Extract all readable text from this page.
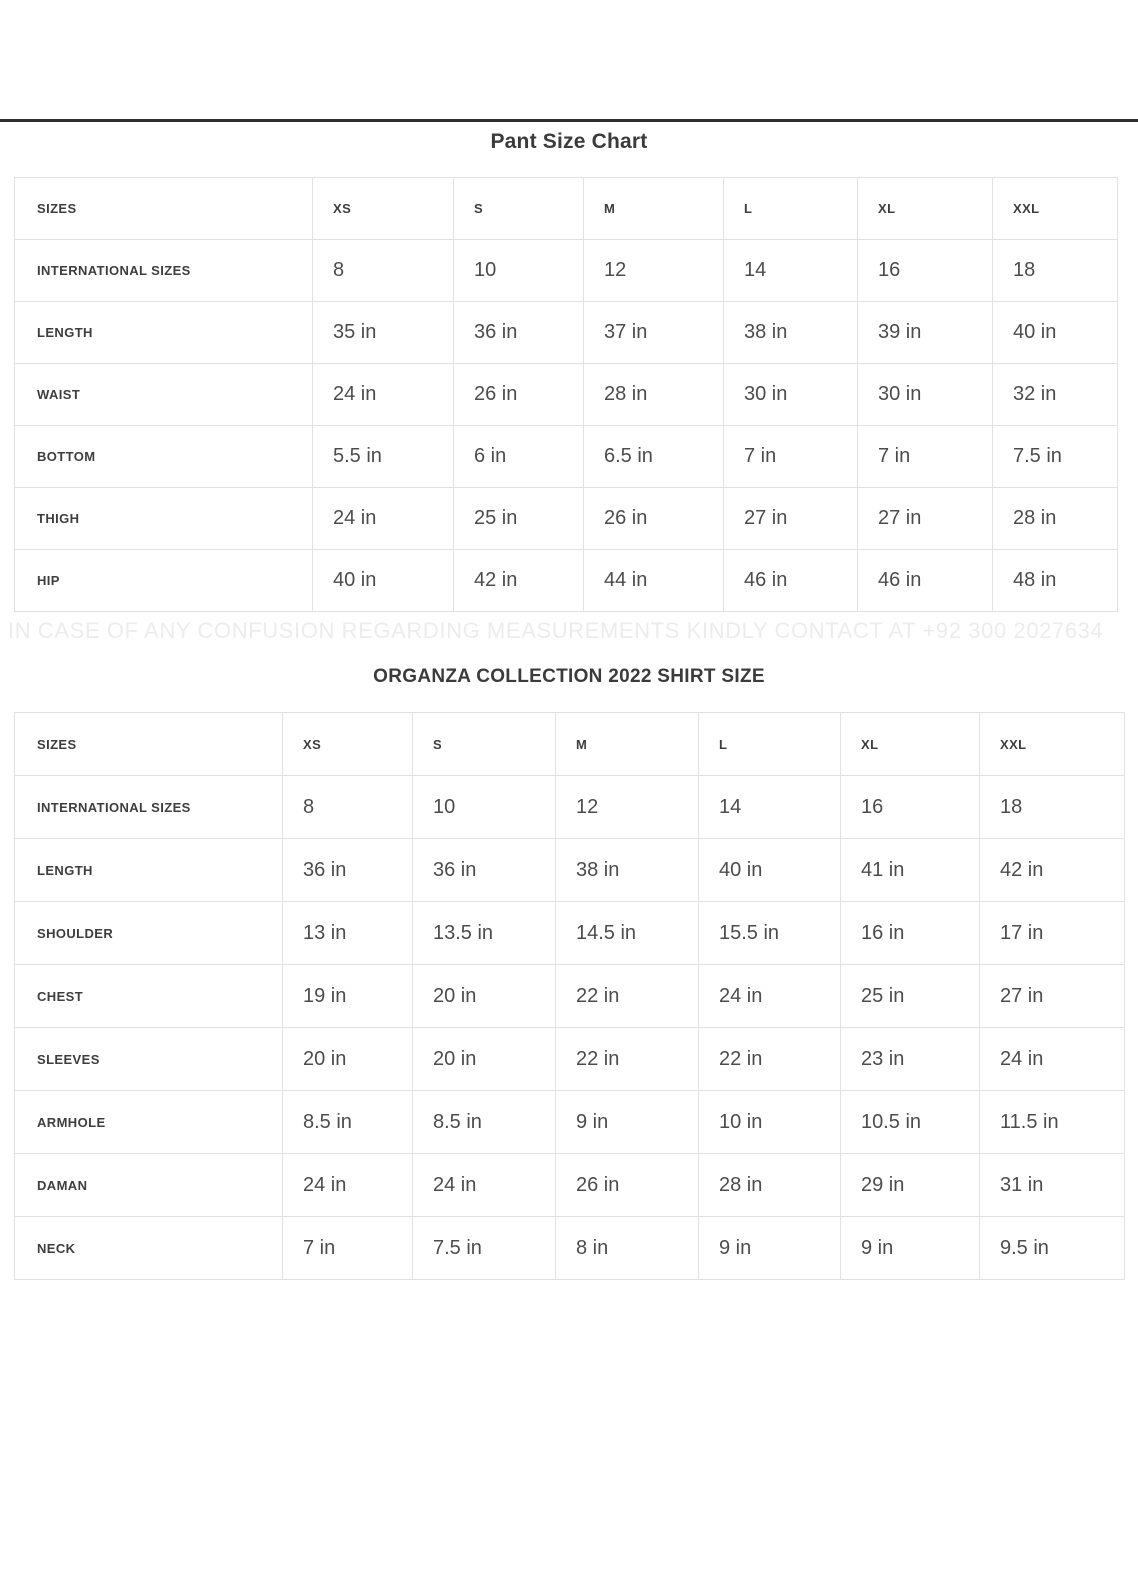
Pant Size Chart
SIZES	XS	S	M	L	XL	XXL
INTERNATIONAL SIZES	8	10	12	14	16	18
LENGTH	35 in	36 in	37 in	38 in	39 in	40 in
WAIST	24 in	26 in	28 in	30 in	30 in	32 in
BOTTOM	5.5 in	6 in	6.5 in	7 in	7 in	7.5 in
THIGH	24 in	25 in	26 in	27 in	27 in	28 in
HIP	40 in	42 in	44 in	46 in	46 in	48 in
IN CASE OF ANY CONFUSION REGARDING MEASUREMENTS KINDLY CONTACT AT +92 300 2027634
ORGANZA COLLECTION 2022 SHIRT SIZE
SIZES	XS	S	M	L	XL	XXL
INTERNATIONAL SIZES	8	10	12	14	16	18
LENGTH	36 in	36 in	38 in	40 in	41 in	42 in
SHOULDER	13 in	13.5 in	14.5 in	15.5 in	16 in	17 in
CHEST	19 in	20 in	22 in	24 in	25 in	27 in
SLEEVES	20 in	20 in	22 in	22 in	23 in	24 in
ARMHOLE	8.5 in	8.5 in	9 in	10 in	10.5 in	11.5 in
DAMAN	24 in	24 in	26 in	28 in	29 in	31 in
NECK	7 in	7.5 in	8 in	9 in	9 in	9.5 in
